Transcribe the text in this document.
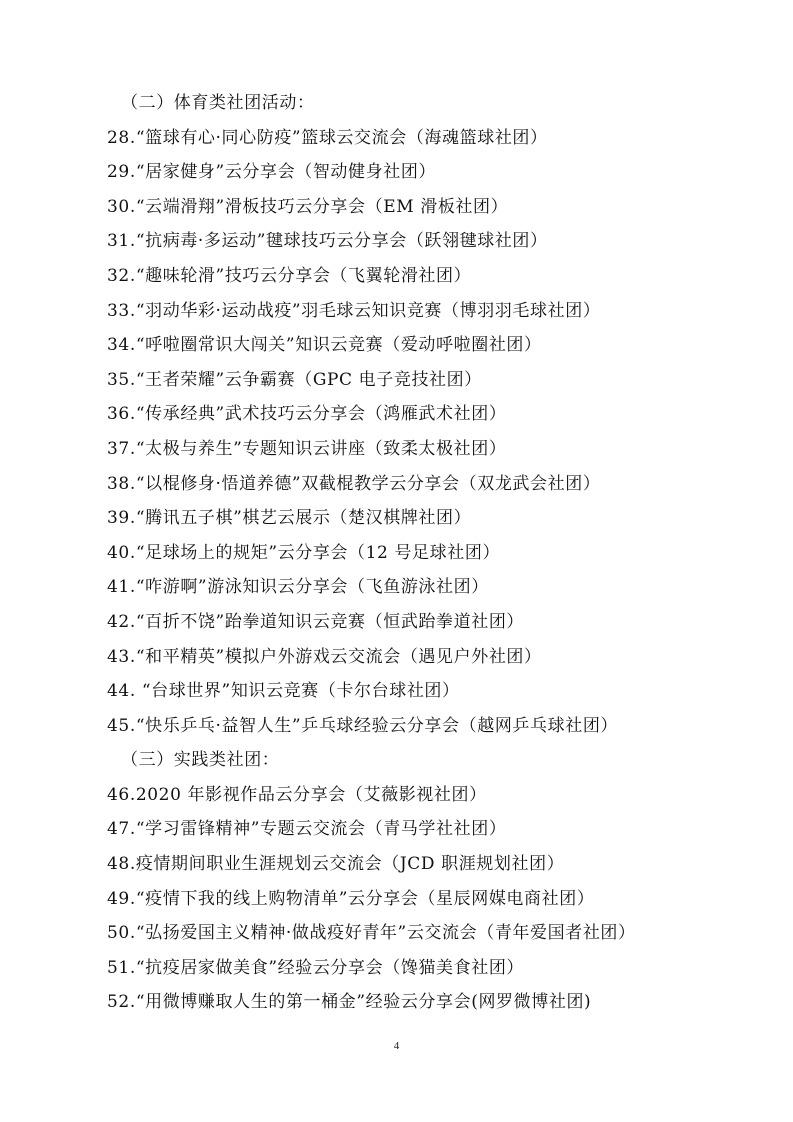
（二）体育类社团活动：
28.“篮球有心·同心防疫”篮球云交流会（海魂篮球社团）
29.“居家健身”云分享会（智动健身社团）
30.“云端滑翔”滑板技巧云分享会（EM 滑板社团）
31.“抗病毒·多运动”毽球技巧云分享会（跃翎毽球社团）
32.“趣味轮滑”技巧云分享会（飞翼轮滑社团）
33.“羽动华彩·运动战疫”羽毛球云知识竞赛（博羽羽毛球社团）
34.“呼啦圈常识大闯关”知识云竞赛（爱动呼啦圈社团）
35.“王者荣耀”云争霸赛（GPC 电子竞技社团）
36.“传承经典”武术技巧云分享会（鸿雁武术社团）
37.“太极与养生”专题知识云讲座（致柔太极社团）
38.“以棍修身·悟道养德”双截棍教学云分享会（双龙武会社团）
39.“腾讯五子棋”棋艺云展示（楚汉棋牌社团）
40.“足球场上的规矩”云分享会（12 号足球社团）
41.“咋游啊”游泳知识云分享会（飞鱼游泳社团）
42.“百折不饶”跆拳道知识云竞赛（恒武跆拳道社团）
43.“和平精英”模拟户外游戏云交流会（遇见户外社团）
44. “台球世界”知识云竞赛（卡尔台球社团）
45.“快乐乒乓·益智人生”乒乓球经验云分享会（越网乒乓球社团）
（三）实践类社团：
46.2020 年影视作品云分享会（艾薇影视社团）
47.“学习雷锋精神”专题云交流会（青马学社社团）
48.疫情期间职业生涯规划云交流会（JCD 职涯规划社团）
49.“疫情下我的线上购物清单”云分享会（星辰网媒电商社团）
50.“弘扬爱国主义精神·做战疫好青年”云交流会（青年爱国者社团）
51.“抗疫居家做美食”经验云分享会（馋猫美食社团）
52.“用微博赚取人生的第一桶金”经验云分享会(网罗微博社团)
4
